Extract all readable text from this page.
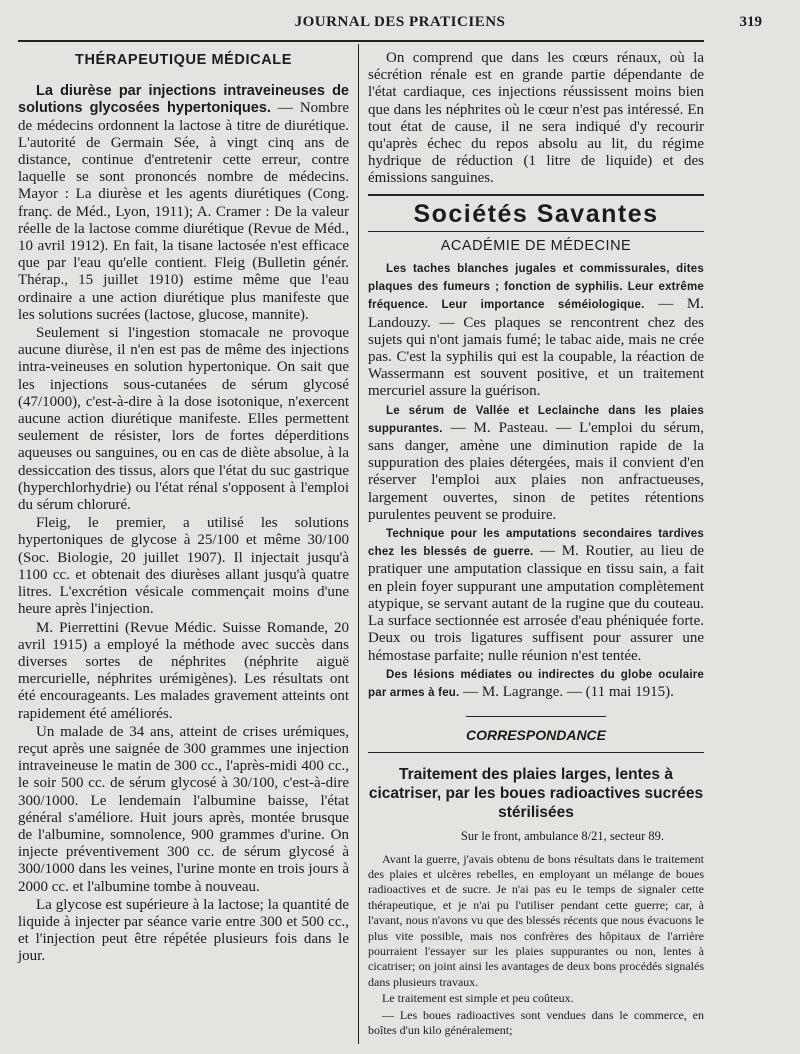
JOURNAL DES PRATICIENS	319
THÉRAPEUTIQUE MÉDICALE

La diurèse par injections intraveineuses de solutions glycosées hypertoniques. — Nombre de médecins ordonnent la lactose à titre de diurétique. L'autorité de Germain Sée, à vingt cinq ans de distance, continue d'entretenir cette erreur, contre laquelle se sont prononcés nombre de médecins. Mayor : La diurèse et les agents diurétiques (Cong. franç. de Méd., Lyon, 1911); A. Cramer : De la valeur réelle de la lactose comme diurétique (Revue de Méd., 10 avril 1912). En fait, la tisane lactosée n'est efficace que par l'eau qu'elle contient. Fleig (Bulletin génér. Thérap., 15 juillet 1910) estime même que l'eau ordinaire a une action diurétique plus manifeste que les solutions sucrées (lactose, glucose, mannite).

Seulement si l'ingestion stomacale ne provoque aucune diurèse, il n'en est pas de même des injections intra-veineuses en solution hypertonique. On sait que les injections sous-cutanées de sérum glycosé (47/1000), c'est-à-dire à la dose isotonique, n'exercent aucune action diurétique manifeste. Elles permettent seulement de résister, lors de fortes déperditions aqueuses ou sanguines, ou en cas de diète absolue, à la dessiccation des tissus, alors que l'état du suc gastrique (hyperchlorhydrie) ou l'état rénal s'opposent à l'emploi du sérum chloruré.

Fleig, le premier, a utilisé les solutions hypertoniques de glycose à 25/100 et même 30/100 (Soc. Biologie, 20 juillet 1907). Il injectait jusqu'à 1100 cc. et obtenait des diurèses allant jusqu'à quatre litres. L'excrétion vésicale commençait moins d'une heure après l'injection.

M. Pierrettini (Revue Médic. Suisse Romande, 20 avril 1915) a employé la méthode avec succès dans diverses sortes de néphrites (néphrite aiguë mercurielle, néphrites urémigènes). Les résultats ont été encourageants. Les malades gravement atteints ont rapidement été améliorés.

Un malade de 34 ans, atteint de crises urémiques, reçut après une saignée de 300 grammes une injection intraveineuse le matin de 300 cc., l'après-midi 400 cc., le soir 500 cc. de sérum glycosé à 30/100, c'est-à-dire 300/1000. Le lendemain l'albumine baisse, l'état général s'améliore. Huit jours après, montée brusque de l'albumine, somnolence, 900 grammes d'urine. On injecte préventivement 300 cc. de sérum glycosé à 300/1000 dans les veines, l'urine monte en trois jours à 2000 cc. et l'albumine tombe à nouveau.

La glycose est supérieure à la lactose; la quantité de liquide à injecter par séance varie entre 300 et 500 cc., et l'injection peut être répétée plusieurs fois dans le jour.

On comprend que dans les cœurs rénaux, où la sécrétion rénale est en grande partie dépendante de l'état cardiaque, ces injections réussissent moins bien que dans les néphrites où le cœur n'est pas intéressé. En tout état de cause, il ne sera indiqué d'y recourir qu'après échec du repos absolu au lit, du régime hydrique de réduction (1 litre de liquide) et des émissions sanguines.

Sociétés Savantes
ACADÉMIE DE MÉDECINE

Les taches blanches jugales et commissurales, dites plaques des fumeurs ; fonction de syphilis. Leur extrême fréquence. Leur importance séméiologique. — M. Landouzy. — Ces plaques se rencontrent chez des sujets qui n'ont jamais fumé; le tabac aide, mais ne crée pas. C'est la syphilis qui est la coupable, la réaction de Wassermann est souvent positive, et un traitement mercuriel assure la guérison.

Le sérum de Vallée et Leclainche dans les plaies suppurantes. — M. Pasteau. — L'emploi du sérum, sans danger, amène une diminution rapide de la suppuration des plaies détergées, mais il convient d'en réserver l'emploi aux plaies non anfractueuses, largement ouvertes, sinon de petites rétentions purulentes peuvent se produire.

Technique pour les amputations secondaires tardives chez les blessés de guerre. — M. Routier, au lieu de pratiquer une amputation classique en tissu sain, a fait en plein foyer suppurant une amputation complètement atypique, se servant autant de la rugine que du couteau. La surface sectionnée est arrosée d'eau phéniquée forte. Deux ou trois ligatures suffisent pour assurer une hémostase parfaite; nulle réunion n'est tentée.

Des lésions médiates ou indirectes du globe oculaire par armes à feu. — M. Lagrange. — (11 mai 1915).

CORRESPONDANCE
Traitement des plaies larges, lentes à cicatriser, par les boues radioactives sucrées stérilisées
Sur le front, ambulance 8/21, secteur 89.

Avant la guerre, j'avais obtenu de bons résultats dans le traitement des plaies et ulcères rebelles, en employant un mélange de boues radioactives et de sucre. Je n'ai pas eu le temps de signaler cette thérapeutique, et je n'ai pu l'utiliser pendant cette guerre; car, à l'avant, nous n'avons vu que des blessés récents que nous évacuons le plus vite possible, mais nos confrères des hôpitaux de l'arrière pourraient l'essayer sur les plaies suppurantes ou non, lentes à cicatriser; on joint ainsi les avantages de deux bons procédés signalés dans plusieurs travaux.

Le traitement est simple et peu coûteux.

— Les boues radioactives sont vendues dans le commerce, en boîtes d'un kilo généralement;
